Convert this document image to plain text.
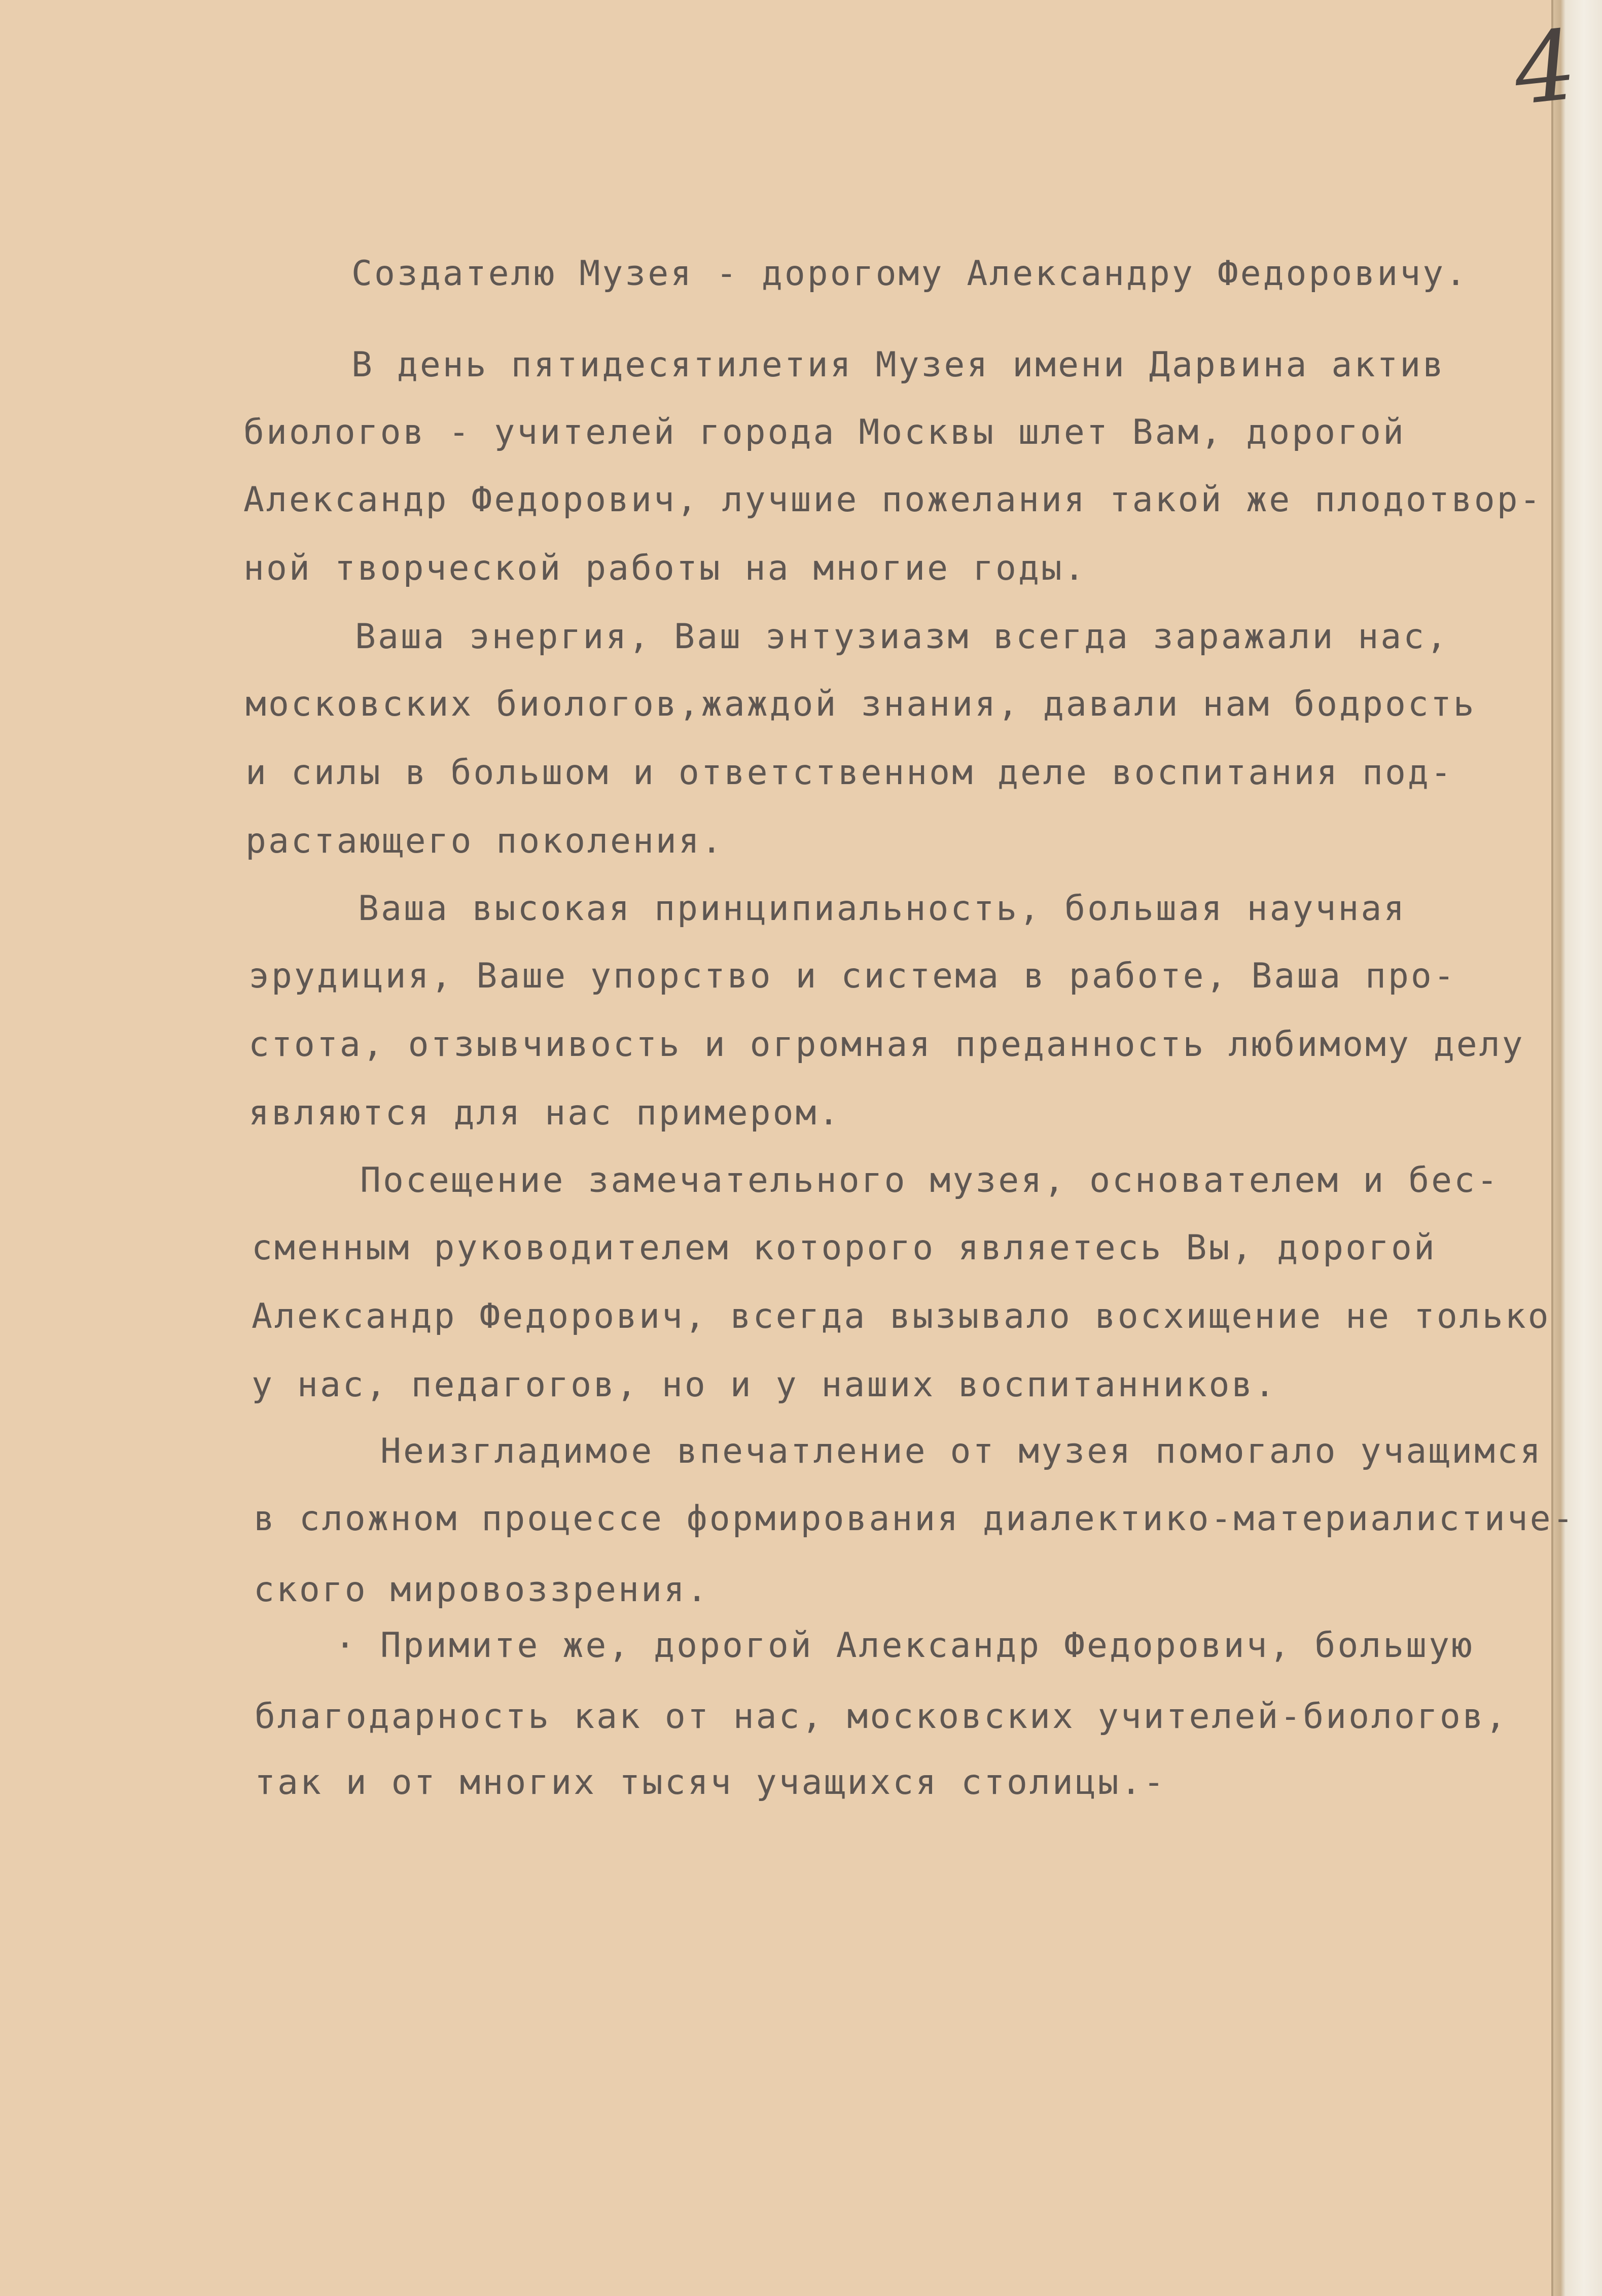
4

Создателю Музея - дорогому Александру Федоровичу.

В день пятидесятилетия Музея имени Дарвина актив

биологов - учителей города Москвы шлет Вам, дорогой

Александр Федорович, лучшие пожелания такой же плодотвор-

ной творческой работы на многие годы.

Ваша энергия, Ваш энтузиазм всегда заражали нас,

московских биологов,жаждой знания, давали нам бодрость

и силы в большом и ответственном деле воспитания под-

растающего поколения.

Ваша высокая принципиальность, большая научная

эрудиция, Ваше упорство и система в работе, Ваша про-

стота, отзывчивость и огромная преданность любимому делу

являются для нас примером.

Посещение замечательного музея, основателем и бес-

сменным руководителем которого являетесь Вы, дорогой

Александр Федорович, всегда вызывало восхищение не только

у нас, педагогов, но и у наших воспитанников.

Неизгладимое впечатление от музея помогало учащимся

в сложном процессе формирования диалектико-материалистиче-

ского мировоззрения.

· Примите же, дорогой Александр Федорович, большую

благодарность как от нас, московских учителей-биологов,

так и от многих тысяч учащихся столицы.-
